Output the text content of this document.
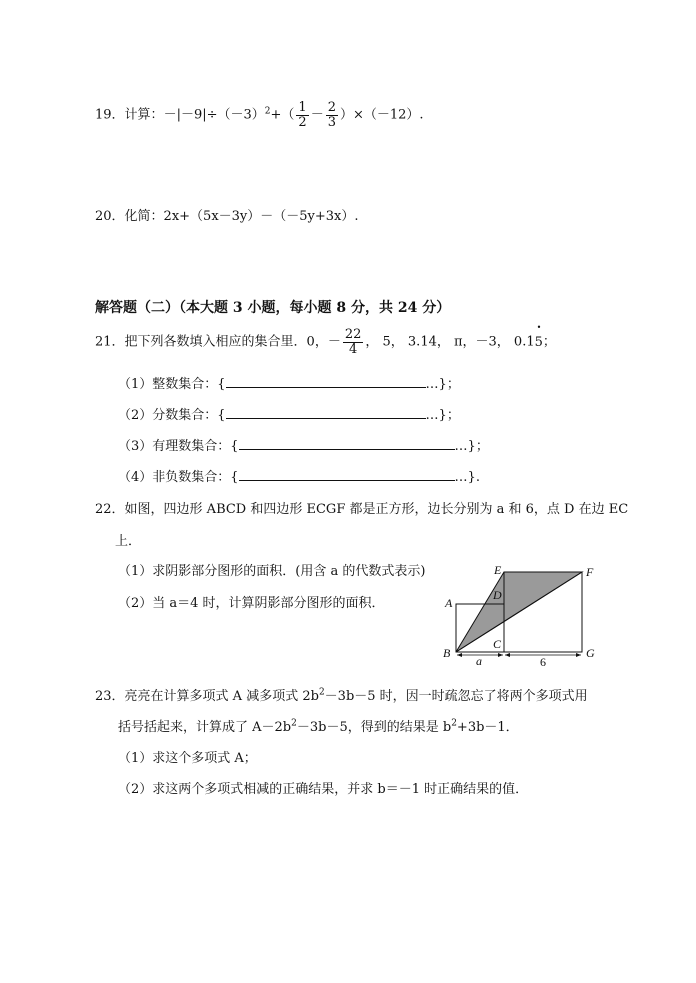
19．计算：$-|-9|\div(-3)^2+( \frac{1}{2} - \frac{2}{3} )\times(-12)$.
20．化简：2x+（5x－3y）－（－5y+3x）.
解答题（二）（本大题 3 小题，每小题 8 分，共 24 分）
21．把下列各数填入相应的集合里．0，－ $\frac{22}{4}$ ， 5， 3.14， π，－3， 0.1• 5；
（1）整数集合：{	…}；
（2）分数集合：{	…}；
（3）有理数集合：{	…}；
（4）非负数集合：{	…}.
22．如图，四边形 ABCD 和四边形 ECGF 都是正方形，边长分别为 a 和 6，点 D 在边 EC
上．
（1）求阴影部分图形的面积．(用含 a 的代数式表示)
（2）当 a＝4 时，计算阴影部分图形的面积．
E	F
A
D
C
B	G
a	6
23．亮亮在计算多项式 A 减多项式 $2b^2-3b-5$ 时，因一时疏忽忘了将两个多项式用
括号括起来，计算成了 $A-2b^2-3b-5$，得到的结果是 $b^2+3b-1$．
（1）求这个多项式 A；
（2）求这两个多项式相减的正确结果，并求 b＝－1 时正确结果的值．
